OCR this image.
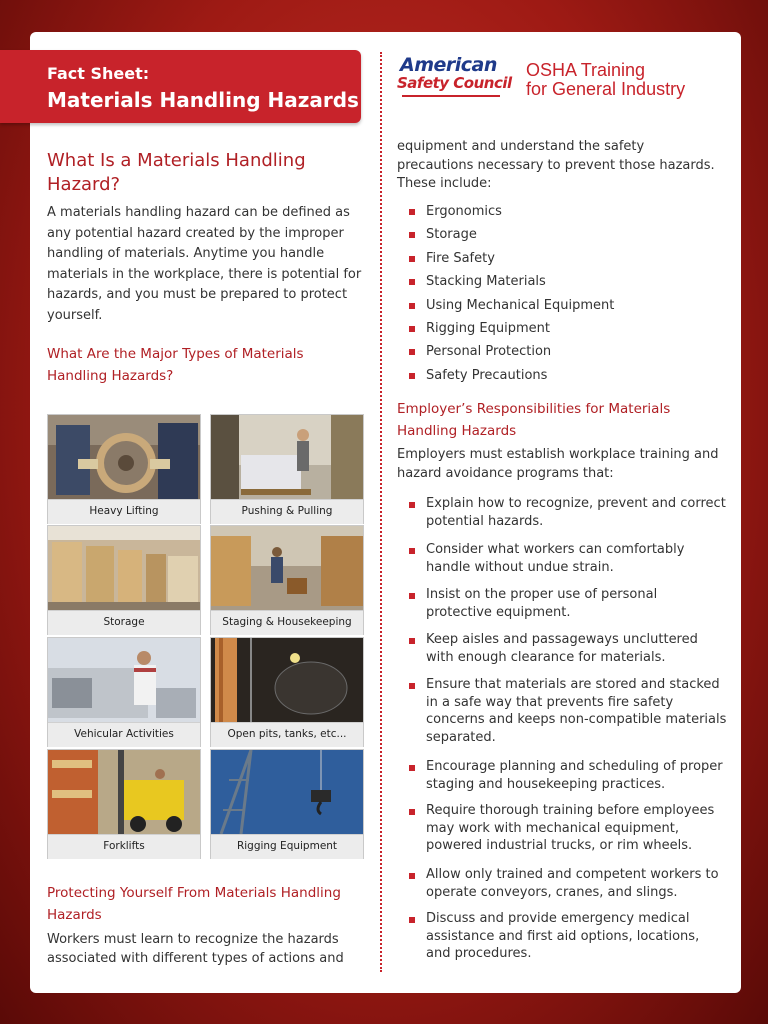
Fact Sheet:
Materials Handling Hazards
American
Safety Council
OSHA Training
for General Industry
What Is a Materials Handling Hazard?
A materials handling hazard can be defined as any potential hazard created by the improper handling of materials. Anytime you handle materials in the workplace, there is potential for hazards, and you must be prepared to protect yourself.
What Are the Major Types of Materials Handling Hazards?
Heavy Lifting	Pushing & Pulling
Storage	Staging & Housekeeping
Vehicular Activities	Open pits, tanks, etc...
Forklifts	Rigging Equipment
Protecting Yourself From Materials Handling Hazards
Workers must learn to recognize the hazards associated with different types of actions and
equipment and understand the safety precautions necessary to prevent those hazards. These include:
Ergonomics
Storage
Fire Safety
Stacking Materials
Using Mechanical Equipment
Rigging Equipment
Personal Protection
Safety Precautions
Employer’s Responsibilities for Materials Handling Hazards
Employers must establish workplace training and hazard avoidance programs that:
Explain how to recognize, prevent and correct potential hazards.
Consider what workers can comfortably handle without undue strain.
Insist on the proper use of personal protective equipment.
Keep aisles and passageways uncluttered with enough clearance for materials.
Ensure that materials are stored and stacked in a safe way that prevents fire safety concerns and keeps non-compatible materials separated.
Encourage planning and scheduling of proper staging and housekeeping practices.
Require thorough training before employees may work with mechanical equipment, powered industrial trucks, or rim wheels.
Allow only trained and competent workers to operate conveyors, cranes, and slings.
Discuss and provide emergency medical assistance and first aid options, locations, and procedures.
